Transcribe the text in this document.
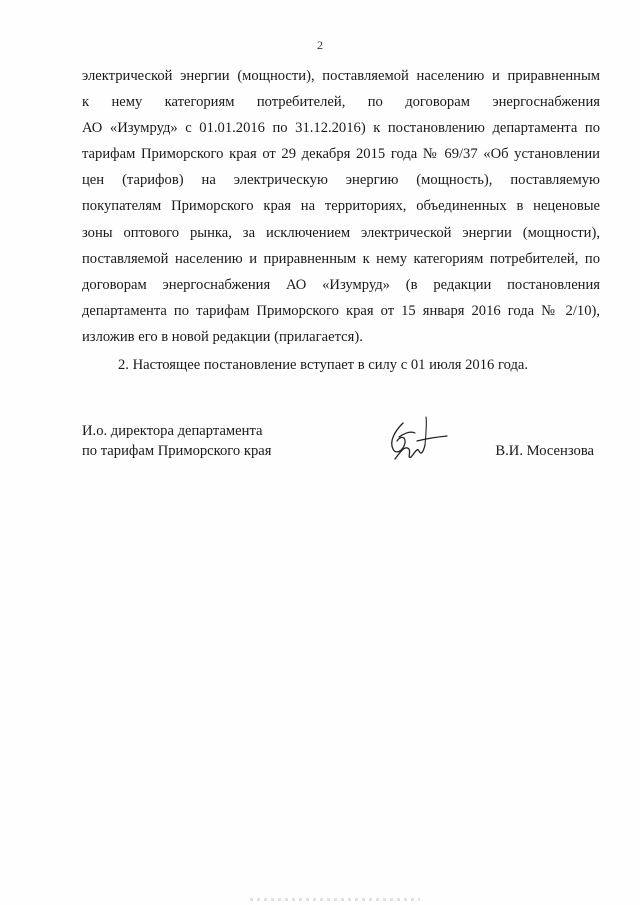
2

электрической энергии (мощности), поставляемой населению и приравненным
к нему категориям потребителей, по договорам энергоснабжения
АО «Изумруд» с 01.01.2016 по 31.12.2016) к постановлению департамента по
тарифам Приморского края от 29 декабря 2015 года № 69/37 «Об установлении
цен (тарифов) на электрическую энергию (мощность), поставляемую
покупателям Приморского края на территориях, объединенных в неценовые
зоны оптового рынка, за исключением электрической энергии (мощности),
поставляемой населению и приравненным к нему категориям потребителей, по
договорам энергоснабжения АО «Изумруд» (в редакции постановления
департамента по тарифам Приморского края от 15 января 2016 года № 2/10),
изложив его в новой редакции (прилагается).

2. Настоящее постановление вступает в силу с 01 июля 2016 года.

И.о. директора департамента
по тарифам Приморского края	В.И. Мосензова
